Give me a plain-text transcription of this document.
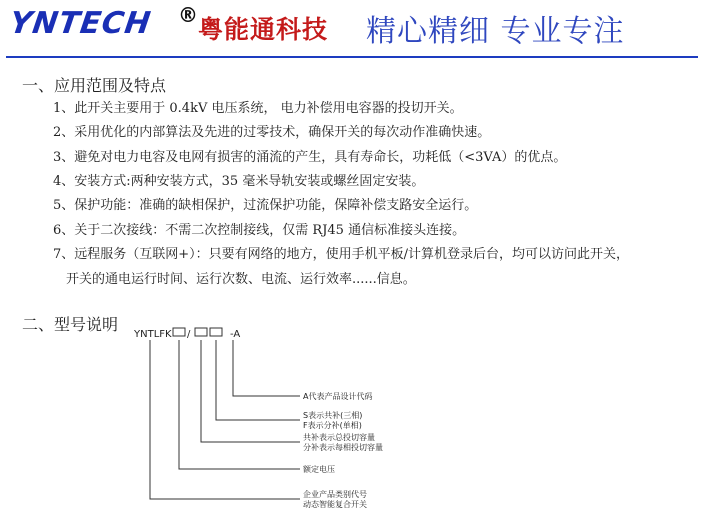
YNTECH ® 粤能通科技 精心精细 专业专注
一、应用范围及特点
1、此开关主要用于 0.4kV 电压系统， 电力补偿用电容器的投切开关。
2、采用优化的内部算法及先进的过零技术，确保开关的每次动作准确快速。
3、避免对电力电容及电网有损害的涌流的产生，具有寿命长，功耗低（<3VA）的优点。
4、安装方式:两种安装方式，35 毫米导轨安装或螺丝固定安装。
5、保护功能：准确的缺相保护，过流保护功能，保障补偿支路安全运行。
6、关于二次接线：不需二次控制接线，仅需 RJ45 通信标准接头连接。
7、远程服务（互联网+）：只要有网络的地方，使用手机平板/计算机登录后台，均可以访问此开关，
开关的通电运行时间、运行次数、电流、运行效率......信息。
二、型号说明
YNTLFK /	-A
A代表产品设计代码
S表示共补(三相)
F表示分补(单相)
共补表示总投切容量
分补表示每相投切容量
额定电压
企业产品类别代号
动态智能复合开关
